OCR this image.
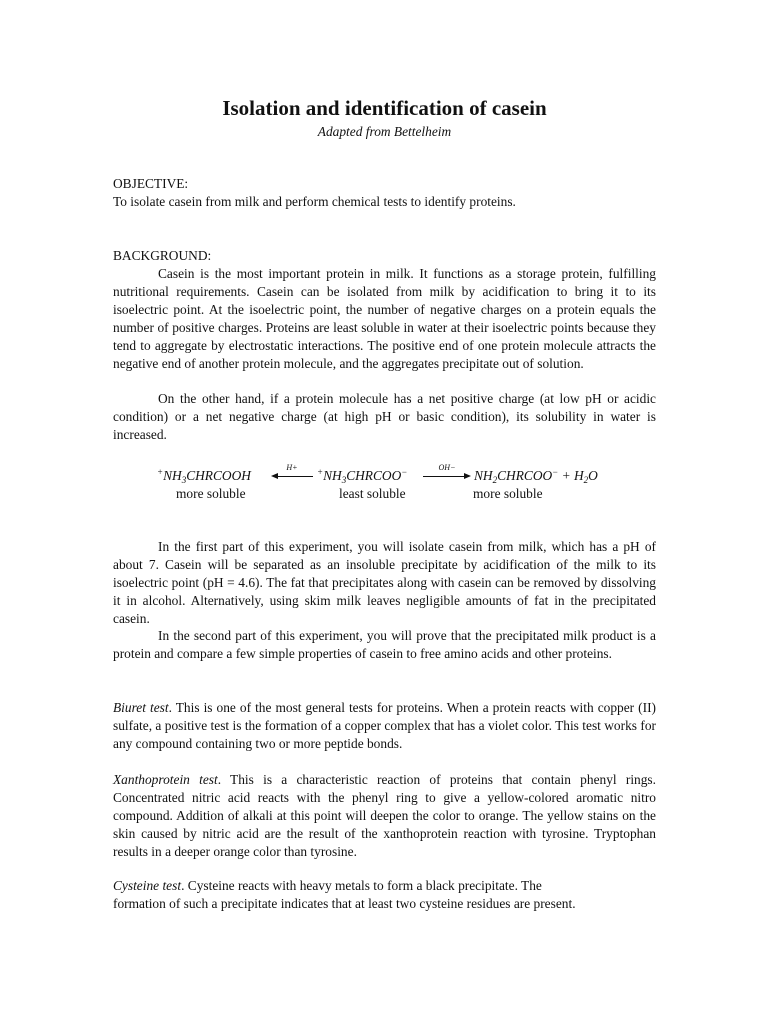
Isolation and identification of casein

Adapted from Bettelheim

OBJECTIVE:

To isolate casein from milk and perform chemical tests to identify proteins.

BACKGROUND:

Casein is the most important protein in milk. It functions as a storage protein, fulfilling nutritional requirements. Casein can be isolated from milk by acidification to bring it to its isoelectric point. At the isoelectric point, the number of negative charges on a protein equals the number of positive charges. Proteins are least soluble in water at their isoelectric points because they tend to aggregate by electrostatic interactions. The positive end of one protein molecule attracts the negative end of another protein molecule, and the aggregates precipitate out of solution.

On the other hand, if a protein molecule has a net positive charge (at low pH or acidic condition) or a net negative charge (at high pH or basic condition), its solubility in water is increased.

$^+NH_3CHRCOOH$
H+	$^+NH_3CHRCOO^-$	OH−
$NH_2CHRCOO^- + H_2O$
more soluble	least soluble	more soluble

In the first part of this experiment, you will isolate casein from milk, which has a pH of about 7. Casein will be separated as an insoluble precipitate by acidification of the milk to its isoelectric point (pH = 4.6). The fat that precipitates along with casein can be removed by dissolving it in alcohol. Alternatively, using skim milk leaves negligible amounts of fat in the precipitated casein.

In the second part of this experiment, you will prove that the precipitated milk product is a protein and compare a few simple properties of casein to free amino acids and other proteins.

Biuret test. This is one of the most general tests for proteins. When a protein reacts with copper (II) sulfate, a positive test is the formation of a copper complex that has a violet color. This test works for any compound containing two or more peptide bonds.

Xanthoprotein test. This is a characteristic reaction of proteins that contain phenyl rings. Concentrated nitric acid reacts with the phenyl ring to give a yellow-colored aromatic nitro compound. Addition of alkali at this point will deepen the color to orange. The yellow stains on the skin caused by nitric acid are the result of the xanthoprotein reaction with tyrosine. Tryptophan results in a deeper orange color than tyrosine.

Cysteine test. Cysteine reacts with heavy metals to form a black precipitate. The

formation of such a precipitate indicates that at least two cysteine residues are present.
